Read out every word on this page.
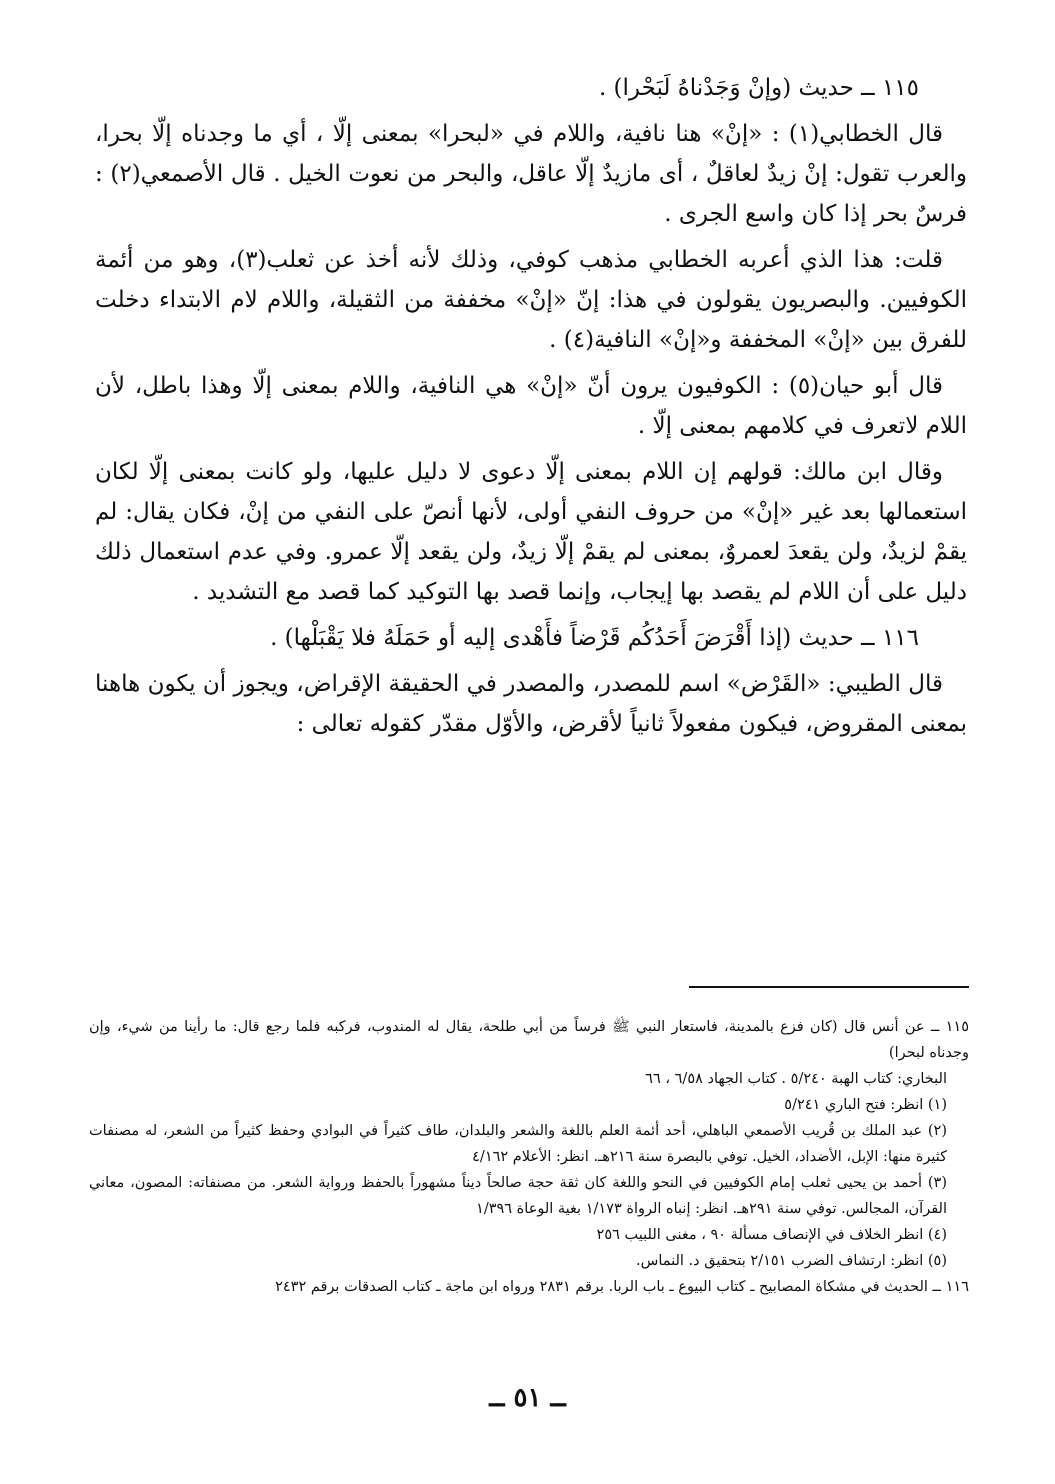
١١٥ ــ حديث (وإنْ وَجَدْناهُ لَبَحْرا) .

قال الخطابي(١) : «إنْ» هنا نافية، واللام في «لبحرا» بمعنى إلّا ، أي ما وجدناه إلّا بحرا، والعرب تقول: إنْ زيدٌ لعاقلٌ ، أى مازيدٌ إلّا عاقل، والبحر من نعوت الخيل . قال الأصمعي(٢) : فرسٌ بحر إذا كان واسع الجرى .

قلت: هذا الذي أعربه الخطابي مذهب كوفي، وذلك لأنه أخذ عن ثعلب(٣)، وهو من أئمة الكوفيين. والبصريون يقولون في هذا: إنّ «إنْ» مخففة من الثقيلة، واللام لام الابتداء دخلت للفرق بين «إنْ» المخففة و«إنْ» النافية(٤) .

قال أبو حيان(٥) : الكوفيون يرون أنّ «إنْ» هي النافية، واللام بمعنى إلّا وهذا باطل، لأن اللام لاتعرف في كلامهم بمعنى إلّا .

وقال ابن مالك: قولهم إن اللام بمعنى إلّا دعوى لا دليل عليها، ولو كانت بمعنى إلّا لكان استعمالها بعد غير «إنْ» من حروف النفي أولى، لأنها أنصّ على النفي من إنْ، فكان يقال: لم يقمْ لزيدٌ، ولن يقعدَ لعمروٌ، بمعنى لم يقمْ إلّا زيدٌ، ولن يقعد إلّا عمرو. وفي عدم استعمال ذلك دليل على أن اللام لم يقصد بها إيجاب، وإنما قصد بها التوكيد كما قصد مع التشديد .

١١٦ ــ حديث (إذا أَقْرَضَ أَحَدُكُم قَرْضاً فأَهْدى إليه أو حَمَلَهُ فلا يَقْبَلْها) .

قال الطيبي: «القَرْض» اسم للمصدر، والمصدر في الحقيقة الإقراض، ويجوز أن يكون هاهنا بمعنى المقروض، فيكون مفعولاً ثانياً لأقرض، والأوّل مقدّر كقوله تعالى :

١١٥ ــ عن أنس قال (كان فزع بالمدينة، فاستعار النبي ﷺ فرساً من أبي طلحة، يقال له المندوب، فركبه فلما رجع قال: ما رأينا من شيء، وإن وجدناه لبحرا)

البخاري: كتاب الهبة ٥/٢٤٠ . كتاب الجهاد ٦/٥٨ ، ٦٦

(١) انظر: فتح الباري ٥/٢٤١

(٢) عبد الملك بن قُريب الأصمعي الباهلي، أحد أئمة العلم باللغة والشعر والبلدان، طاف كثيراً في البوادي وحفظ كثيراً من الشعر، له مصنفات كثيرة منها: الإبل، الأضداد، الخيل. توفي بالبصرة سنة ٢١٦هـ. انظر: الأعلام ٤/١٦٢

(٣) أحمد بن يحيى ثعلب إمام الكوفيين في النحو واللغة كان ثقة حجة صالحاً ديناً مشهوراً بالحفظ ورواية الشعر. من مصنفاته: المصون، معاني القرآن، المجالس. توفي سنة ٢٩١هـ. انظر: إنباه الرواة ١/١٧٣ بغية الوعاة ١/٣٩٦

(٤) انظر الخلاف في الإنصاف مسألة ٩٠ ، مغنى اللبيب ٢٥٦

(٥) انظر: ارتشاف الضرب ٢/١٥١ بتحقيق د. النماس.

١١٦ ــ الحديث في مشكاة المصابيح ـ كتاب البيوع ـ باب الربا. برقم ٢٨٣١ ورواه ابن ماجة ـ كتاب الصدقات برقم ٢٤٣٢

ــ ٥١ ــ
